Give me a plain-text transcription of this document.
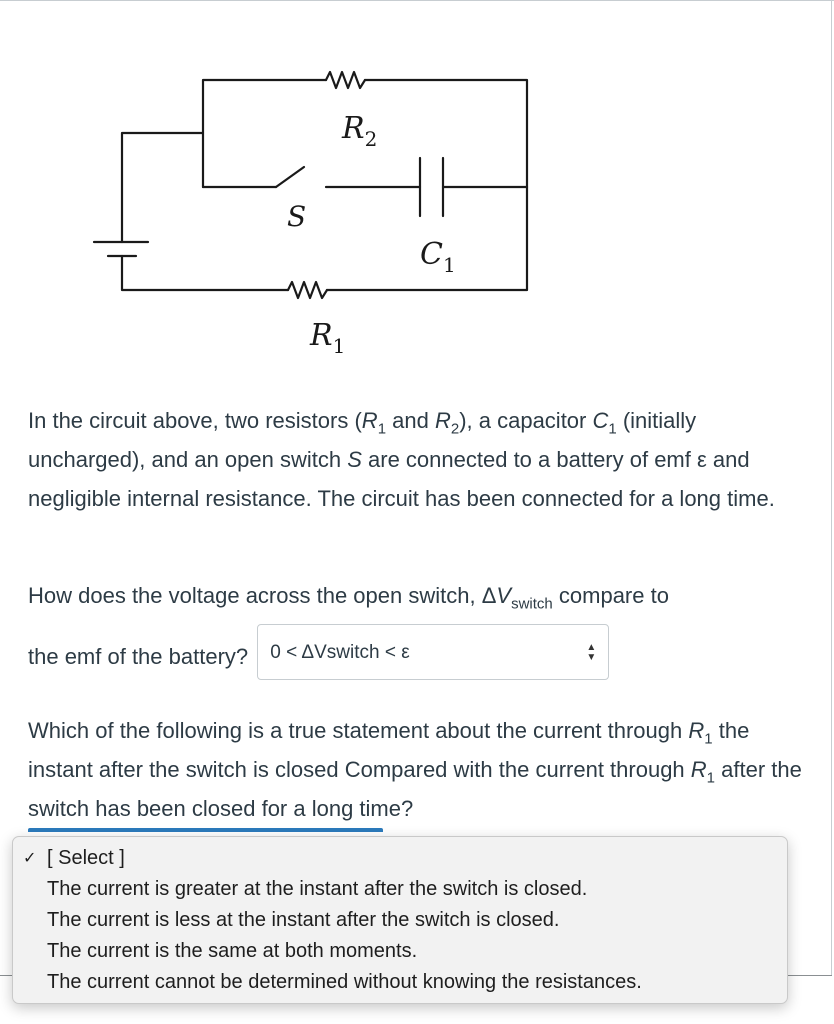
$R_2$
S
$C_1$
$R_1$

In the circuit above, two resistors ($R_1$ and $R_2$), a capacitor $C_1$ (initially uncharged), and an open switch S are connected to a battery of emf ε and negligible internal resistance. The circuit has been connected for a long time.

How does the voltage across the open switch, $\Delta V_{switch}$ compare to
the emf of the battery? 0 < ΔVswitch < ε	▲
▼

Which of the following is a true statement about the current through $R_1$ the instant after the switch is closed Compared with the current through $R_1$ after the switch has been closed for a long time?

✓ [ Select ]
The current is greater at the instant after the switch is closed.
The current is less at the instant after the switch is closed.
The current is the same at both moments.
The current cannot be determined without knowing the resistances.
